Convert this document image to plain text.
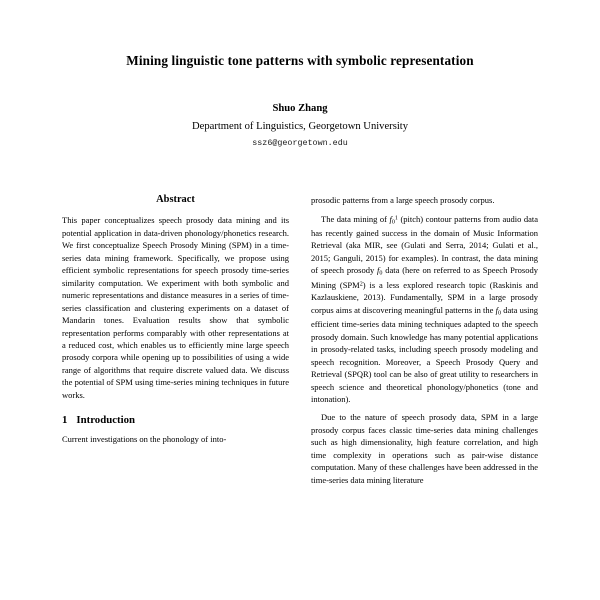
Mining linguistic tone patterns with symbolic representation
Shuo Zhang
Department of Linguistics, Georgetown University
ssz6@georgetown.edu
Abstract

This paper conceptualizes speech prosody data mining and its potential application in data-driven phonology/phonetics research. We first conceptualize Speech Prosody Mining (SPM) in a time-series data mining framework. Specifically, we propose using efficient symbolic representations for speech prosody time-series similarity computation. We experiment with both symbolic and numeric representations and distance measures in a series of time-series classification and clustering experiments on a dataset of Mandarin tones. Evaluation results show that symbolic representation performs comparably with other representations at a reduced cost, which enables us to efficiently mine large speech prosody corpora while opening up to possibilities of using a wide range of algorithms that require discrete valued data. We discuss the potential of SPM using time-series mining techniques in future works.

1 Introduction

Current investigations on the phonology of into-

prosodic patterns from a large speech prosody corpus.

The data mining of $f_0^1$ (pitch) contour patterns from audio data has recently gained success in the domain of Music Information Retrieval (aka MIR, see (Gulati and Serra, 2014; Gulati et al., 2015; Ganguli, 2015) for examples). In contrast, the data mining of speech prosody $f_0$ data (here on referred to as Speech Prosody Mining (SPM$^2$) is a less explored research topic (Raskinis and Kazlauskiene, 2013). Fundamentally, SPM in a large prosody corpus aims at discovering meaningful patterns in the $f_0$ data using efficient time-series data mining techniques adapted to the speech prosody domain. Such knowledge has many potential applications in prosody-related tasks, including speech prosody modeling and speech recognition. Moreover, a Speech Prosody Query and Retrieval (SPQR) tool can be also of great utility to researchers in speech science and theoretical phonology/phonetics (tone and intonation).

Due to the nature of speech prosody data, SPM in a large prosody corpus faces classic time-series data mining challenges such as high dimensionality, high feature correlation, and high time complexity in operations such as pair-wise distance computation. Many of these challenges have been addressed in the time-series data mining literature
